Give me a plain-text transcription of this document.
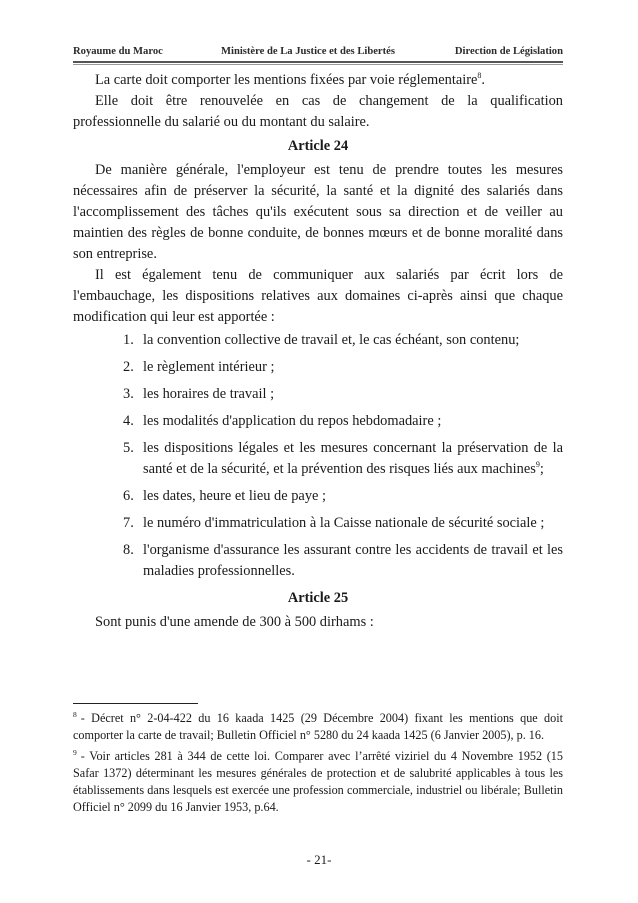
Royaume du Maroc	Ministère de La Justice et des Libertés	Direction de Législation

La carte doit comporter les mentions fixées par voie réglementaire$^8$.

Elle doit être renouvelée en cas de changement de la qualification professionnelle du salarié ou du montant du salaire.

Article 24

De manière générale, l'employeur est tenu de prendre toutes les mesures nécessaires afin de préserver la sécurité, la santé et la dignité des salariés dans l'accomplissement des tâches qu'ils exécutent sous sa direction et de veiller au maintien des règles de bonne conduite, de bonnes mœurs et de bonne moralité dans son entreprise.

Il est également tenu de communiquer aux salariés par écrit lors de l'embauchage, les dispositions relatives aux domaines ci-après ainsi que chaque modification qui leur est apportée :

1. la convention collective de travail et, le cas échéant, son contenu;
2. le règlement intérieur ;
3. les horaires de travail ;
4. les modalités d'application du repos hebdomadaire ;
5. les dispositions légales et les mesures concernant la préservation de la santé et de la sécurité, et la prévention des risques liés aux machines$^9$;
6. les dates, heure et lieu de paye ;
7. le numéro d'immatriculation à la Caisse nationale de sécurité sociale ;
8. l'organisme d'assurance les assurant contre les accidents de travail et les maladies professionnelles.
Article 25

Sont punis d'une amende de 300 à 500 dirhams :

$^8$ - Décret n° 2-04-422 du 16 kaada 1425 (29 Décembre 2004) fixant les mentions que doit comporter la carte de travail; Bulletin Officiel n° 5280 du 24 kaada 1425 (6 Janvier 2005), p. 16.

$^9$ - Voir articles 281 à 344 de cette loi. Comparer avec l’arrêté viziriel du 4 Novembre 1952 (15 Safar 1372) déterminant les mesures générales de protection et de salubrité applicables à tous les établissements dans lesquels est exercée une profession commerciale, industriel ou libérale; Bulletin Officiel n° 2099 du 16 Janvier 1953, p.64.

- 21-
